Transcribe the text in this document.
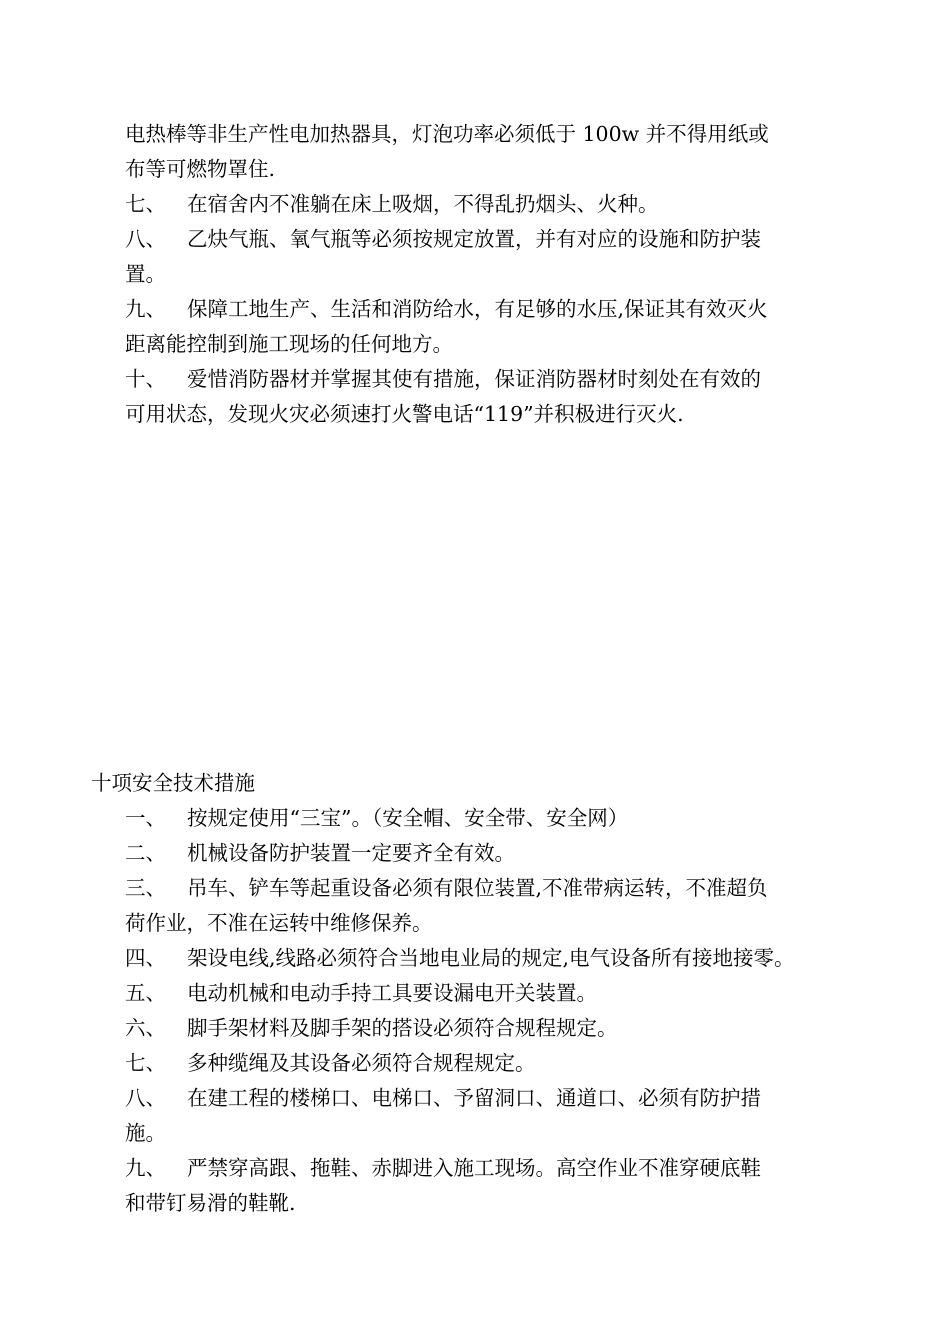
电热棒等非生产性电加热器具，灯泡功率必须低于 100w 并不得用纸或
布等可燃物罩住.
七、 在宿舍内不准躺在床上吸烟，不得乱扔烟头、火种。
八、 乙炔气瓶、氧气瓶等必须按规定放置，并有对应的设施和防护装
置。
九、 保障工地生产、生活和消防给水，有足够的水压,保证其有效灭火
距离能控制到施工现场的任何地方。
十、 爱惜消防器材并掌握其使有措施，保证消防器材时刻处在有效的
可用状态，发现火灾必须速打火警电话“119”并积极进行灭火.
十项安全技术措施
一、 按规定使用“三宝”。（安全帽、安全带、安全网）
二、 机械设备防护装置一定要齐全有效。
三、 吊车、铲车等起重设备必须有限位装置,不准带病运转，不准超负
荷作业，不准在运转中维修保养。
四、 架设电线,线路必须符合当地电业局的规定,电气设备所有接地接零。
五、 电动机械和电动手持工具要设漏电开关装置。
六、 脚手架材料及脚手架的搭设必须符合规程规定。
七、 多种缆绳及其设备必须符合规程规定。
八、 在建工程的楼梯口、电梯口、予留洞口、通道口、必须有防护措
施。
九、 严禁穿高跟、拖鞋、赤脚进入施工现场。高空作业不准穿硬底鞋
和带钉易滑的鞋靴.
